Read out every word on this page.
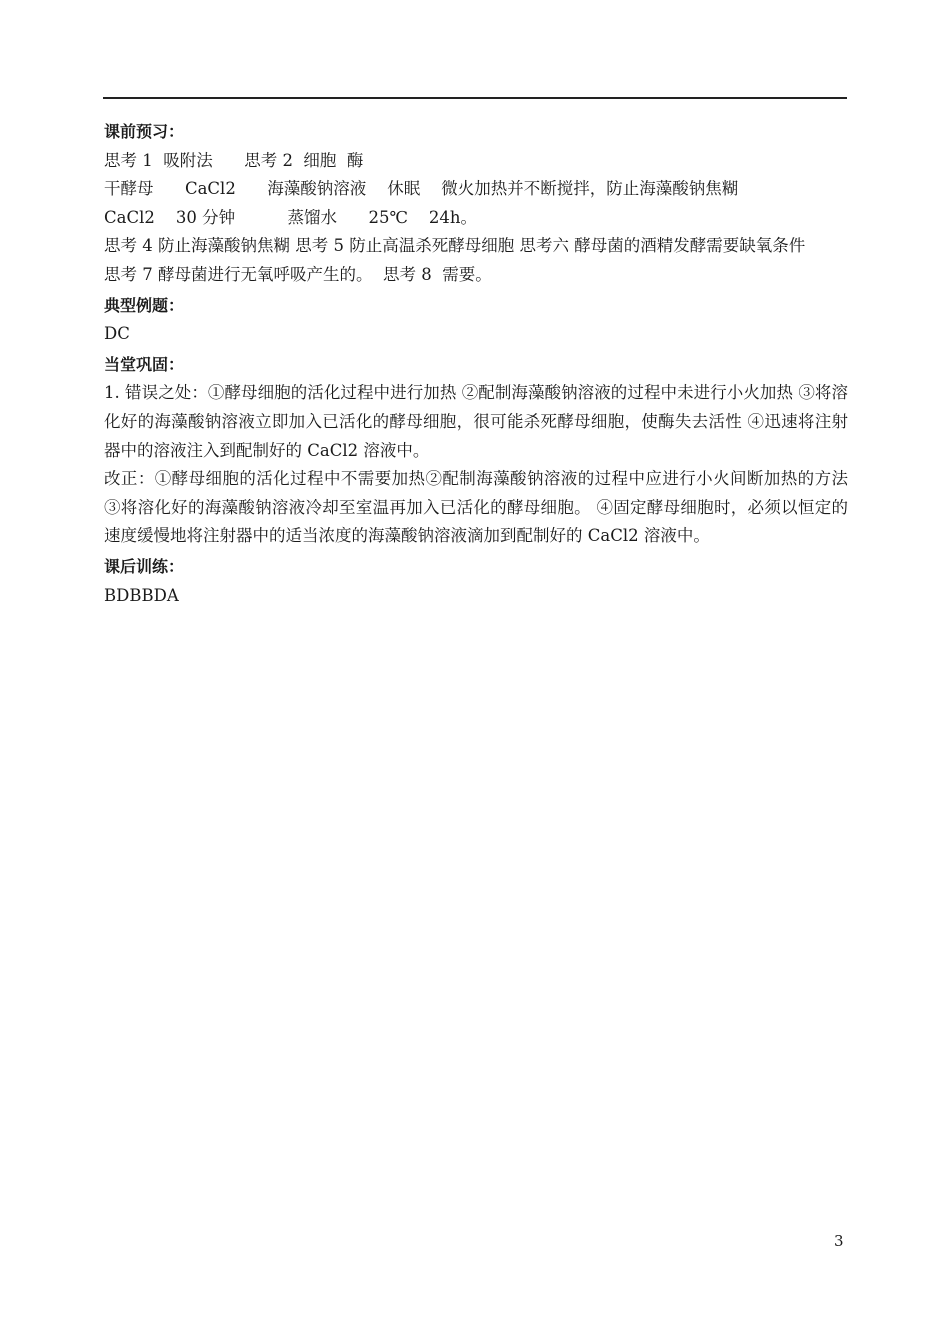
课前预习：
思考 1  吸附法      思考 2  细胞  酶
干酵母      CaCl2      海藻酸钠溶液    休眠    微火加热并不断搅拌，防止海藻酸钠焦糊
CaCl2    30 分钟          蒸馏水      25℃    24h。
思考 4 防止海藻酸钠焦糊 思考 5 防止高温杀死酵母细胞 思考六 酵母菌的酒精发酵需要缺氧条件
思考 7 酵母菌进行无氧呼吸产生的。  思考 8  需要。
典型例题：
DC
当堂巩固：
1. 错误之处：①酵母细胞的活化过程中进行加热 ②配制海藻酸钠溶液的过程中未进行小火加热 ③将溶化好的海藻酸钠溶液立即加入已活化的酵母细胞，很可能杀死酵母细胞，使酶失去活性 ④迅速将注射器中的溶液注入到配制好的 CaCl2 溶液中。
改正：①酵母细胞的活化过程中不需要加热②配制海藻酸钠溶液的过程中应进行小火间断加热的方法 ③将溶化好的海藻酸钠溶液冷却至室温再加入已活化的酵母细胞。 ④固定酵母细胞时，必须以恒定的速度缓慢地将注射器中的适当浓度的海藻酸钠溶液滴加到配制好的 CaCl2 溶液中。
课后训练：
BDBBDA
3
